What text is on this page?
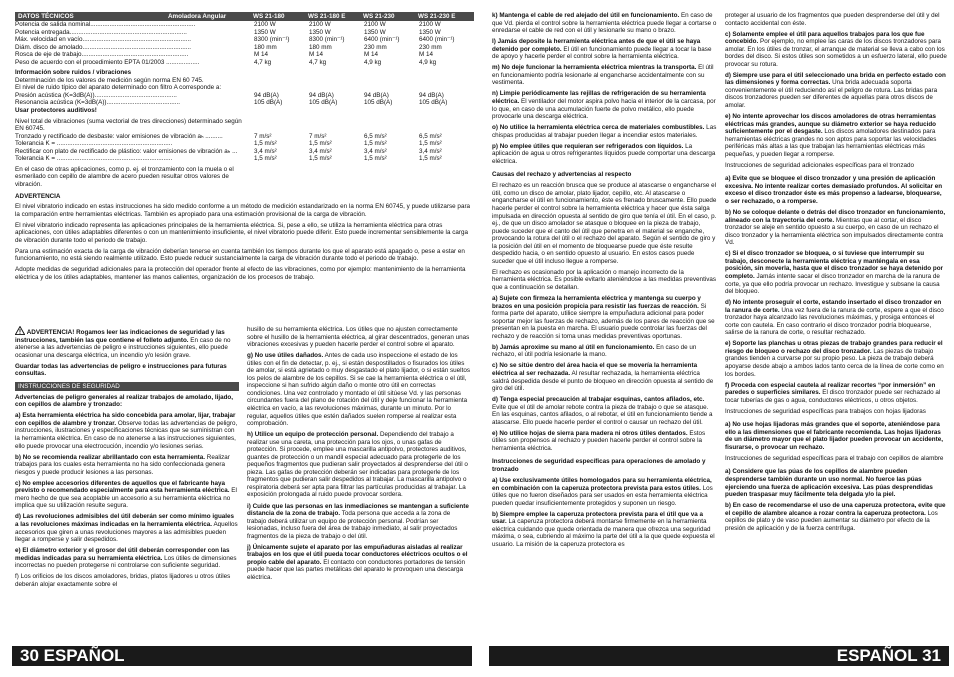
DATOS TÉCNICOS	Amoladora Angular	WS 21-180	WS 21-180 E	WS 21-230	WS 21-230 E
Potencia de salida nominal............................................................	2100 W	2100 W	2100 W	2100 W
Potencia entregada...................................................................	1350 W	1350 W	1350 W	1350 W
Máx. velocidad en vacío..............................................................	8300 (min⁻¹)	8300 (min⁻¹)	6400 (min⁻¹)	6400 (min⁻¹)
Diám. disco de amolado..............................................................	180 mm	180 mm	230 mm	230 mm
Rosca de eje de trabajo.............................................................	M 14	M 14	M 14	M 14
Peso de acuerdo con el procedimiento EPTA 01/2003 ...................	4,7 kg	4,7 kg	4,9 kg	4,9 kg
Información sobre ruidos / vibraciones
Determinación de los valores de medición según norma EN 60 745.
El nivel de ruido típico del aparato determinado con filtro A corresponde a:
Presión acústica (K=3dB(A))...............................................	94 dB(A)	94 dB(A)	94 dB(A)	94 dB(A)
Resonancia acústica (K=3dB(A))..........................................	105 dB(A)	105 dB(A)	105 dB(A)	105 dB(A)
Usar protectores auditivos!
Nivel total de vibraciones (suma vectorial de tres direcciones) determinado según EN 60745.
Tronzado y rectificado de desbaste: valor emisiones de vibración aₕ ..........	7 m/s²	7 m/s²	6,5 m/s²	6,5 m/s²
Tolerancia K = ..................................................................	1,5 m/s²	1,5 m/s²	1,5 m/s²	1,5 m/s²
Rectificar con plato de rectificado de plástico: valor emisiones de vibración aₕ ...	3,4 m/s²	3,4 m/s²	3,4 m/s²	3,4 m/s²
Tolerancia K = ..................................................................	1,5 m/s²	1,5 m/s²	1,5 m/s²	1,5 m/s²
En el caso de otras aplicaciones, como p. ej. el tronzamiento con la muela o el esmerilado con cepillo de alambre de acero pueden resultar otros valores de vibración.
ADVERTENCIA

El nivel vibratorio indicado en estas instrucciones ha sido medido conforme a un método de medición estandarizado en la norma EN 60745, y puede utilizarse para la comparación entre herramientas eléctricas. También es apropiado para una estimación provisional de la carga de vibración.

El nivel vibratorio indicado representa las aplicaciones principales de la herramienta eléctrica. Si, pese a ello, se utiliza la herramienta eléctrica para otras aplicaciones, con útiles adaptables diferentes o con un mantenimiento insuficiente, el nivel vibratorio puede diferir. Esto puede incrementar sensiblemente la carga de vibración durante todo el periodo de trabajo.

Para una estimación exacta de la carga de vibración deberían tenerse en cuenta también los tiempos durante los que el aparato está apagado o, pese a estar en funcionamiento, no está siendo realmente utilizado. Esto puede reducir sustancialmente la carga de vibración durante todo el periodo de trabajo.

Adopte medidas de seguridad adicionales para la protección del operador frente al efecto de las vibraciones, como por ejemplo: mantenimiento de la herramienta eléctrica y de los útiles adaptables, mantener las manos calientes, organización de los procesos de trabajo.

ADVERTENCIA! Rogamos leer las indicaciones de seguridad y las instrucciones, también las que contiene el folleto adjunto. En caso de no atenerse a las advertencias de peligro e instrucciones siguientes, ello puede ocasionar una descarga eléctrica, un incendio y/o lesión grave.

Guardar todas las advertencias de peligro e instrucciones para futuras consultas.

INSTRUCCIONES DE SEGURIDAD

Advertencias de peligro generales al realizar trabajos de amolado, lijado, con cepillos de alambre y tronzado:

a) Esta herramienta eléctrica ha sido concebida para amolar, lijar, trabajar con cepillos de alambre y tronzar. Observe todas las advertencias de peligro, instrucciones, ilustraciones y especificaciones técnicas que se suministran con la herramienta eléctrica. En caso de no atenerse a las instrucciones siguientes, ello puede provocar una electrocución, incendio y/o lesiones serias.

b) No se recomienda realizar abrillantado con esta herramienta. Realizar trabajos para los cuales esta herramienta no ha sido confeccionada genera riesgos y puede producir lesiones a las personas.

c) No emplee accesorios diferentes de aquellos que el fabricante haya previsto o recomendado especialmente para esta herramienta eléctrica. El mero hecho de que sea acoplable un accesorio a su herramienta eléctrica no implica que su utilización resulte segura.

d) Las revoluciones admisibles del útil deberán ser como mínimo iguales a las revoluciones máximas indicadas en la herramienta eléctrica. Aquellos accesorios que giren a unas revoluciones mayores a las admisibles pueden llegar a romperse y salir despedidos.

e) El diámetro exterior y el grosor del útil deberán corresponder con las medidas indicadas para su herramienta eléctrica. Los útiles de dimensiones incorrectas no pueden protegerse ni controlarse con suficiente seguridad.

f) Los orificios de los discos amoladores, bridas, platos lijadores u otros útiles deberán alojar exactamente sobre el

husillo de su herramienta eléctrica. Los útiles que no ajusten correctamente sobre el husillo de la herramienta eléctrica, al girar descentrados, generan unas vibraciones excesivas y pueden hacerle perder el control sobre el aparato.

g) No use útiles dañados. Antes de cada uso inspeccione el estado de los útiles con el fin de detectar, p. ej., si están despostillados o fisurados los útiles de amolar, si está agrietado o muy desgastado el plato lijador, o si están sueltos los pelos de alambre de los cepillos. Si se cae la herramienta eléctrica o el útil, inspeccione si han sufrido algún daño o monte otro útil en correctas condiciones. Una vez controlado y montado el útil sitúese Vd. y las personas circundantes fuera del plano de rotación del útil y deje funcionar la herramienta eléctrica en vacío, a las revoluciones máximas, durante un minuto. Por lo regular, aquellos útiles que estén dañados suelen romperse al realizar esta comprobación.

h) Utilice un equipo de protección personal. Dependiendo del trabajo a realizar use una careta, una protección para los ojos, o unas gafas de protección. Si procede, emplee una mascarilla antipolvo, protectores auditivos, guantes de protección o un mandil especial adecuado para protegerle de los pequeños fragmentos que pudieran salir proyectados al desprenderse del útil o pieza. Las gafas de protección deberán ser indicadas para protegerle de los fragmentos que pudieran salir despedidos al trabajar. La mascarilla antipolvo o respiratoria deberá ser apta para filtrar las partículas producidas al trabajar. La exposición prolongada al ruido puede provocar sordera.

i) Cuide que las personas en las inmediaciones se mantengan a suficiente distancia de la zona de trabajo. Toda persona que acceda a la zona de trabajo deberá utilizar un equipo de protección personal. Podrían ser lesionadas, incluso fuera del área de trabajo inmediato, al salir proyectados fragmentos de la pieza de trabajo o del útil.

j) Únicamente sujete el aparato por las empuñaduras aisladas al realizar trabajos en los que el útil pueda tocar conductores eléctricos ocultos o el propio cable del aparato. El contacto con conductores portadores de tensión puede hacer que las partes metálicas del aparato le provoquen una descarga eléctrica.

k) Mantenga el cable de red alejado del útil en funcionamiento. En caso de que Vd. pierda el control sobre la herramienta eléctrica puede llegar a cortarse o enredarse el cable de red con el útil y lesionarle su mano o brazo.

l) Jamás deposite la herramienta eléctrica antes de que el útil se haya detenido por completo. El útil en funcionamiento puede llegar a tocar la base de apoyo y hacerle perder el control sobre la herramienta eléctrica.

m) No deje funcionar la herramienta eléctrica mientras la transporta. El útil en funcionamiento podría lesionarle al engancharse accidentalmente con su vestimenta.

n) Limpie periódicamente las rejillas de refrigeración de su herramienta eléctrica. El ventilador del motor aspira polvo hacia el interior de la carcasa, por lo que, en caso de una acumulación fuerte de polvo metálico, ello puede provocarle una descarga eléctrica.

o) No utilice la herramienta eléctrica cerca de materiales combustibles. Las chispas producidas al trabajar pueden llegar a incendiar estos materiales.

p) No emplee útiles que requieran ser refrigerados con líquidos. La aplicación de agua u otros refrigerantes líquidos puede comportar una descarga eléctrica.

Causas del rechazo y advertencias al respecto

El rechazo es un reacción brusca que se produce al atascarse o engancharse el útil, como un disco de amolar, plato lijador, cepillo, etc. Al atascarse o engancharse el útil en funcionamiento, éste es frenado bruscamente. Ello puede hacerle perder el control sobre la herramienta eléctrica y hacer que ésta salga impulsada en dirección opuesta al sentido de giro que tenía el útil. En el caso, p. ej., de que un disco amolador se atasque o bloquee en la pieza de trabajo, puede suceder que el canto del útil que penetra en el material se enganche, provocando la rotura del útil o el rechazo del aparato. Según el sentido de giro y la posición del útil en el momento de bloquearse puede que éste resulte despedido hacia, o en sentido opuesto al usuario. En estos casos puede suceder que el útil incluso llegue a romperse.

El rechazo es ocasionado por la aplicación o manejo incorrecto de la herramienta eléctrica. Es posible evitarlo ateniéndose a las medidas preventivas que a continuación se detallan.

a) Sujete con firmeza la herramienta eléctrica y mantenga su cuerpo y brazos en una posición propicia para resistir las fuerzas de reacción. Si forma parte del aparato, utilice siempre la empuñadura adicional para poder soportar mejor las fuerzas de rechazo, además de los pares de reacción que se presentan en la puesta en marcha. El usuario puede controlar las fuerzas del rechazo y de reacción si toma unas medidas preventivas oportunas.

b) Jamás aproxime su mano al útil en funcionamiento. En caso de un rechazo, el útil podría lesionarle la mano.

c) No se sitúe dentro del área hacia el que se movería la herramienta eléctrica al ser rechazada. Al resultar rechazada, la herramienta eléctrica saldrá despedida desde el punto de bloqueo en dirección opuesta al sentido de giro del útil.

d) Tenga especial precaución al trabajar esquinas, cantos afilados, etc. Evite que el útil de amolar rebote contra la pieza de trabajo o que se atasque. En las esquinas, cantos afilados, o al rebotar, el útil en funcionamiento tiende a atascarse. Ello puede hacerle perder el control o causar un rechazo del útil.

e) No utilice hojas de sierra para madera ni otros útiles dentados. Estos útiles son propensos al rechazo y pueden hacerle perder el control sobre la herramienta eléctrica.

Instrucciones de seguridad específicas para operaciones de amolado y tronzado

a) Use exclusivamente útiles homologados para su herramienta eléctrica, en combinación con la caperuza protectora prevista para estos útiles. Los útiles que no fueron diseñados para ser usados en esta herramienta eléctrica pueden quedar insuficientemente protegidos y suponen un riesgo.

b) Siempre emplee la caperuza protectora prevista para el útil que va a usar. La caperuza protectora deberá montarse firmemente en la herramienta eléctrica cuidando que quede orientada de manera que ofrezca una seguridad máxima, o sea, cubriendo al máximo la parte del útil a la que quede expuesta el usuario. La misión de la caperuza protectora es

proteger al usuario de los fragmentos que pueden desprenderse del útil y del contacto accidental con éste.

c) Solamente emplee el útil para aquellos trabajos para los que fue concebido. Por ejemplo, no emplee las caras de los discos tronzadores para amolar. En los útiles de tronzar, el arranque de material se lleva a cabo con los bordes del disco. Si estos útiles son sometidos a un esfuerzo lateral, ello puede provocar su rotura.

d) Siempre use para el útil seleccionado una brida en perfecto estado con las dimensiones y forma correctas. Una brida adecuada soporta convenientemente el útil reduciendo así el peligro de rotura. Las bridas para discos tronzadores pueden ser diferentes de aquellas para otros discos de amolar.

e) No intente aprovechar los discos amoladores de otras herramientas eléctricas más grandes, aunque su diámetro exterior se haya reducido suficientemente por el desgaste. Los discos amoladores destinados para herramientas eléctricas grandes no son aptos para soportar las velocidades periféricas más altas a las que trabajan las herramientas eléctricas más pequeñas, y pueden llegar a romperse.

Instrucciones de seguridad adicionales específicas para el tronzado

a) Evite que se bloquee el disco tronzador y una presión de aplicación excesiva. No intente realizar cortes demasiado profundos. Al solicitar en exceso el disco tronzador éste es más propenso a ladearse, bloquearse, o ser rechazado, o a romperse.

b) No se coloque delante o detrás del disco tronzador en funcionamiento, alineado con la trayectoria del corte. Mientras que al cortar, el disco tronzador se aleje en sentido opuesto a su cuerpo, en caso de un rechazo el disco tronzador y la herramienta eléctrica son impulsados directamente contra Vd.

c) Si el disco tronzador se bloquea, o si tuviese que interrumpir su trabajo, desconecte la herramienta eléctrica y manténgala en esa posición, sin moverla, hasta que el disco tronzador se haya detenido por completo. Jamás intente sacar el disco tronzador en marcha de la ranura de corte, ya que ello podría provocar un rechazo. Investigue y subsane la causa del bloqueo.

d) No intente proseguir el corte, estando insertado el disco tronzador en la ranura de corte. Una vez fuera de la ranura de corte, espere a que el disco tronzador haya alcanzado las revoluciones máximas, y prosiga entonces el corte con cautela. En caso contrario el disco tronzador podría bloquearse, salirse de la ranura de corte, o resultar rechazado.

e) Soporte las planchas u otras piezas de trabajo grandes para reducir el riesgo de bloqueo o rechazo del disco tronzador. Las piezas de trabajo grandes tienden a curvarse por su propio peso. La pieza de trabajo deberá apoyarse desde abajo a ambos lados tanto cerca de la línea de corte como en los bordes.

f) Proceda con especial cautela al realizar recortes “por inmersión” en paredes o superficies similares. El disco tronzador puede ser rechazado al tocar tuberías de gas o agua, conductores eléctricos, u otros objetos.

Instrucciones de seguridad específicas para trabajos con hojas lijadoras

a) No use hojas lijadoras más grandes que el soporte, ateniéndose para ello a las dimensiones que el fabricante recomienda. Las hojas lijadoras de un diámetro mayor que el plato lijador pueden provocar un accidente, fisurarse, o provocar un rechazo.

Instrucciones de seguridad específicas para el trabajo con cepillos de alambre

a) Considere que las púas de los cepillos de alambre pueden desprenderse también durante un uso normal. No fuerce las púas ejerciendo una fuerza de aplicación excesiva. Las púas desprendidas pueden traspasar muy fácilmente tela delgada y/o la piel.

b) En caso de recomendarse el uso de una caperuza protectora, evite que el cepillo de alambre alcance a rozar contra la caperuza protectora. Los cepillos de plato y de vaso pueden aumentar su diámetro por efecto de la presión de aplicación y de la fuerza centrífuga.

30 ESPAÑOL	ESPAÑOL 31
